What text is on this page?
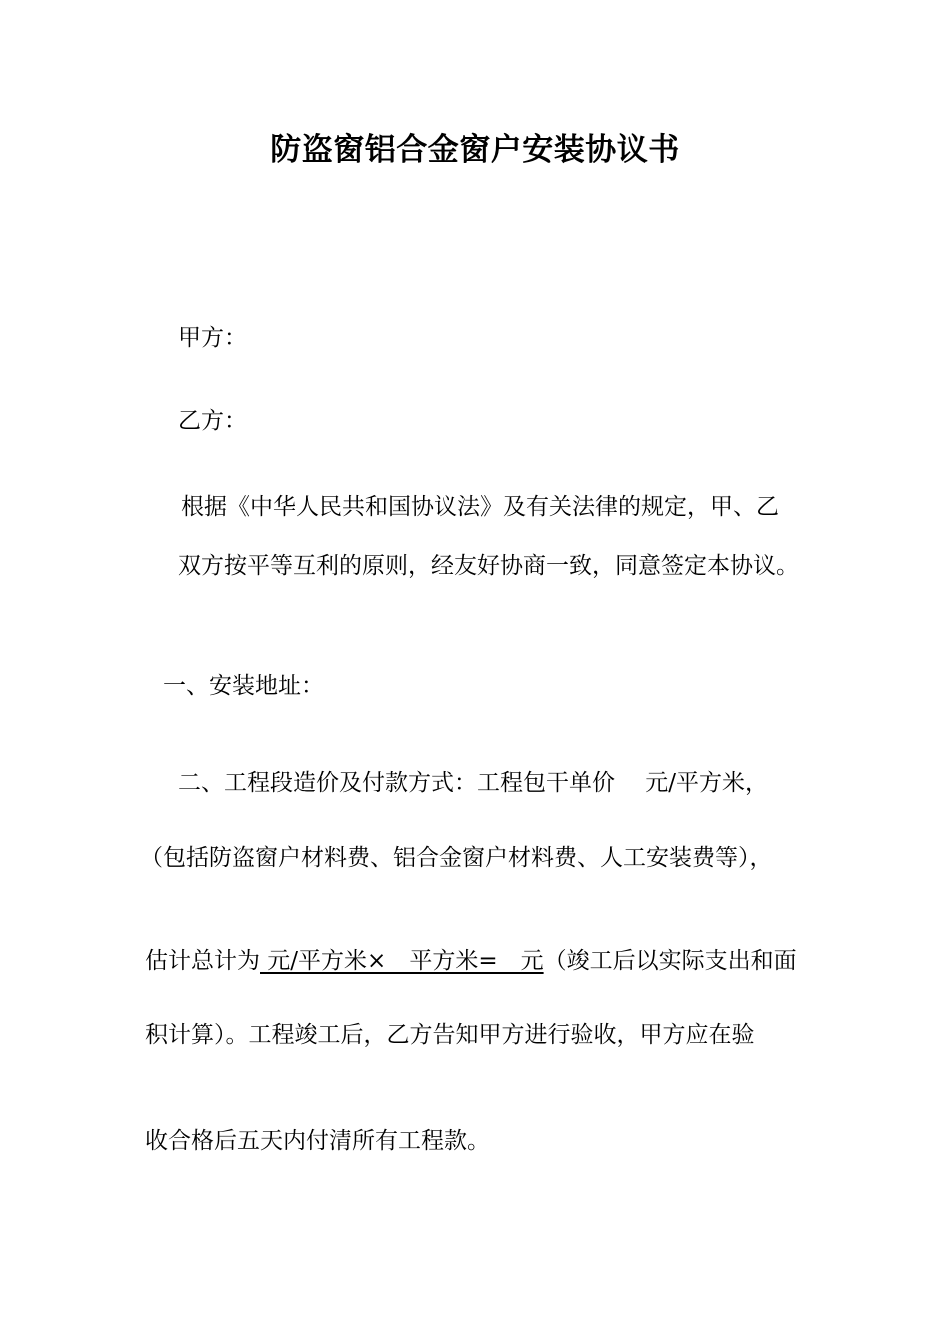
防盗窗铝合金窗户安装协议书
甲方：
乙方：
根据《中华人民共和国协议法》及有关法律的规定，甲、乙
双方按平等互利的原则，经友好协商一致，同意签定本协议。
一、安装地址：
二、工程段造价及付款方式：工程包干单价　 元/平方米，
（包括防盗窗户材料费、铝合金窗户材料费、人工安装费等），
估计总计为 元/平方米×　平方米=　元（竣工后以实际支出和面
积计算）。工程竣工后，乙方告知甲方进行验收，甲方应在验
收合格后五天内付清所有工程款。
